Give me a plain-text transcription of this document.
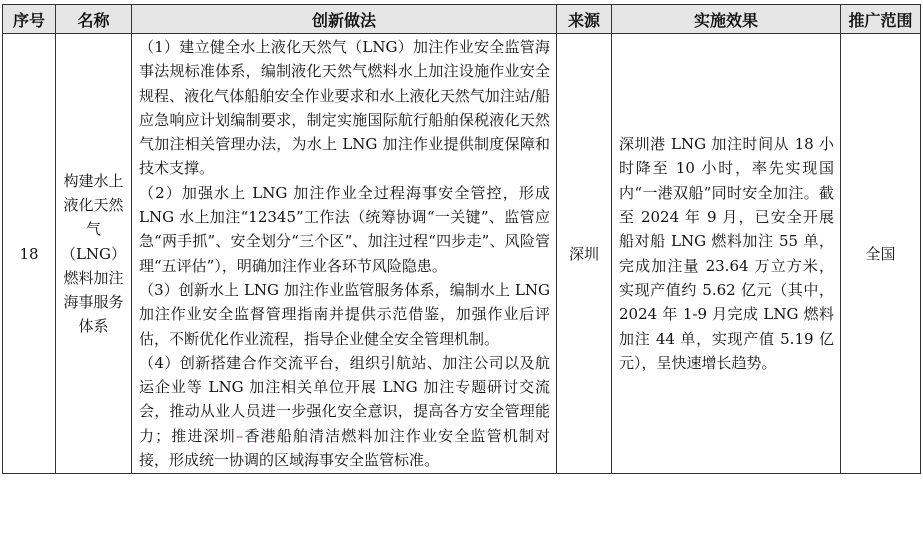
序号	名称	创新做法	来源	实施效果	推广范围
18	构建水上液化天然气（LNG）燃料加注海事服务体系	（1）建立健全水上液化天然气（LNG）加注作业安全监管海事法规标准体系，编制液化天然气燃料水上加注设施作业安全规程、液化气体船舶安全作业要求和水上液化天然气加注站/船应急响应计划编制要求，制定实施国际航行船舶保税液化天然气加注相关管理办法，为水上 LNG 加注作业提供制度保障和技术支撑。

（2）加强水上 LNG 加注作业全过程海事安全管控，形成 LNG 水上加注“12345”工作法（统筹协调“一关键”、监管应急“两手抓”、安全划分“三个区”、加注过程“四步走”、风险管理“五评估”），明确加注作业各环节风险隐患。

（3）创新水上 LNG 加注作业监管服务体系，编制水上 LNG 加注作业安全监督管理指南并提供示范借鉴，加强作业后评估，不断优化作业流程，指导企业健全安全管理机制。

（4）创新搭建合作交流平台，组织引航站、加注公司以及航运企业等 LNG 加注相关单位开展 LNG 加注专题研讨交流会，推动从业人员进一步强化安全意识，提高各方安全管理能力；推进深圳–香港船舶清洁燃料加注作业安全监管机制对接，形成统一协调的区域海事安全监管标准。	深圳	深圳港 LNG 加注时间从 18 小时降至 10 小时，率先实现国内“一港双船”同时安全加注。截至 2024 年 9 月，已安全开展船对船 LNG 燃料加注 55 单，完成加注量 23.64 万立方米，实现产值约 5.62 亿元（其中，2024 年 1-9 月完成 LNG 燃料加注 44 单，实现产值 5.19 亿元），呈快速增长趋势。	全国
